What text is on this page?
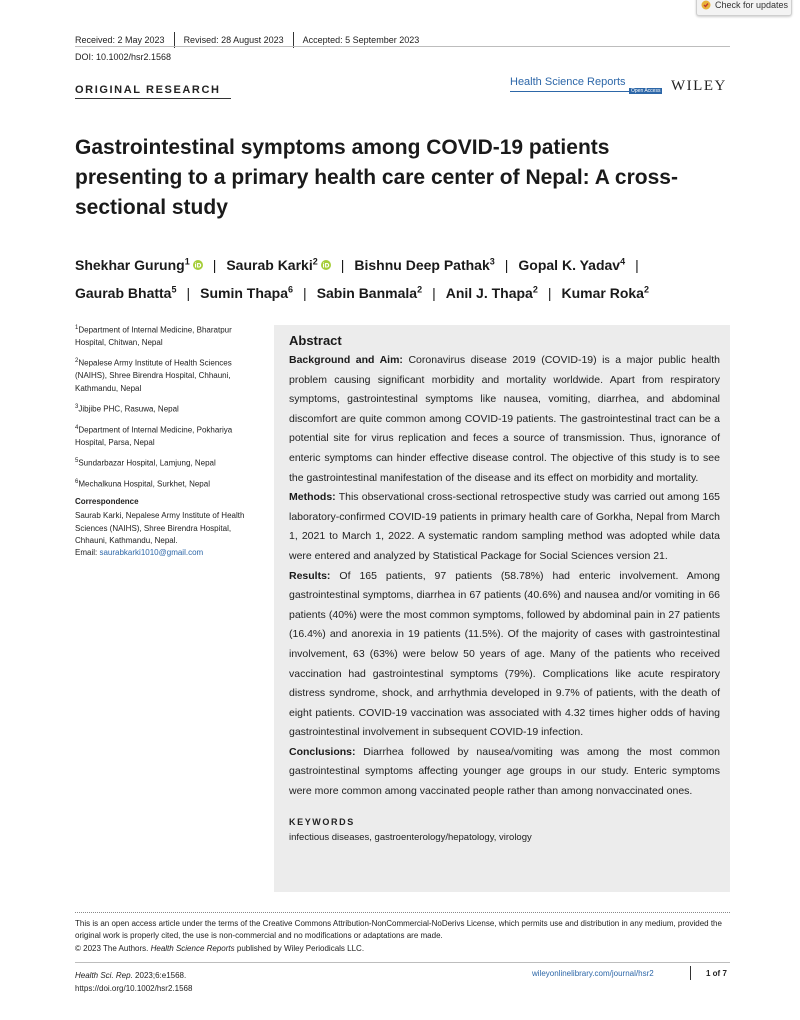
Check for updates
Received: 2 May 2023 Revised: 28 August 2023 Accepted: 5 September 2023
DOI: 10.1002/hsr2.1568
ORIGINAL RESEARCH
Health Science Reports
Open Access WILEY
Gastrointestinal symptoms among COVID-19 patients presenting to a primary health care center of Nepal: A cross-sectional study
Shekhar Gurung$^1$ iD | Saurab Karki$^2$ iD | Bishnu Deep Pathak$^3$ | Gopal K. Yadav$^4$ |
Gaurab Bhatta$^5$ | Sumin Thapa$^6$ | Sabin Banmala$^2$ | Anil J. Thapa$^2$ | Kumar Roka$^2$
$^1$Department of Internal Medicine, Bharatpur Hospital, Chitwan, Nepal
$^2$Nepalese Army Institute of Health Sciences (NAIHS), Shree Birendra Hospital, Chhauni, Kathmandu, Nepal
$^3$Jibjibe PHC, Rasuwa, Nepal
$^4$Department of Internal Medicine, Pokhariya Hospital, Parsa, Nepal
$^5$Sundarbazar Hospital, Lamjung, Nepal
$^6$Mechalkuna Hospital, Surkhet, Nepal
Correspondence
Saurab Karki, Nepalese Army Institute of Health Sciences (NAIHS), Shree Birendra Hospital, Chhauni, Kathmandu, Nepal.
Email: saurabkarki1010@gmail.com
Abstract

Background and Aim: Coronavirus disease 2019 (COVID-19) is a major public health problem causing significant morbidity and mortality worldwide. Apart from respiratory symptoms, gastrointestinal symptoms like nausea, vomiting, diarrhea, and abdominal discomfort are quite common among COVID-19 patients. The gastrointestinal tract can be a potential site for virus replication and feces a source of transmission. Thus, ignorance of enteric symptoms can hinder effective disease control. The objective of this study is to see the gastrointestinal manifestation of the disease and its effect on morbidity and mortality.

Methods: This observational cross-sectional retrospective study was carried out among 165 laboratory-confirmed COVID-19 patients in primary health care of Gorkha, Nepal from March 1, 2021 to March 1, 2022. A systematic random sampling method was adopted while data were entered and analyzed by Statistical Package for Social Sciences version 21.

Results: Of 165 patients, 97 patients (58.78%) had enteric involvement. Among gastrointestinal symptoms, diarrhea in 67 patients (40.6%) and nausea and/or vomiting in 66 patients (40%) were the most common symptoms, followed by abdominal pain in 27 patients (16.4%) and anorexia in 19 patients (11.5%). Of the majority of cases with gastrointestinal involvement, 63 (63%) were below 50 years of age. Many of the patients who received vaccination had gastrointestinal symptoms (79%). Complications like acute respiratory distress syndrome, shock, and arrhythmia developed in 9.7% of patients, with the death of eight patients. COVID-19 vaccination was associated with 4.32 times higher odds of having gastrointestinal involvement in subsequent COVID-19 infection.

Conclusions: Diarrhea followed by nausea/vomiting was among the most common gastrointestinal symptoms affecting younger age groups in our study. Enteric symptoms were more common among vaccinated people rather than among nonvaccinated ones.

KEYWORDS
infectious diseases, gastroenterology/hepatology, virology
This is an open access article under the terms of the Creative Commons Attribution-NonCommercial-NoDerivs License, which permits use and distribution in any medium, provided the original work is properly cited, the use is non-commercial and no modifications or adaptations are made.
© 2023 The Authors. Health Science Reports published by Wiley Periodicals LLC.
Health Sci. Rep. 2023;6:e1568.
https://doi.org/10.1002/hsr2.1568
wileyonlinelibrary.com/journal/hsr2	1 of 7
